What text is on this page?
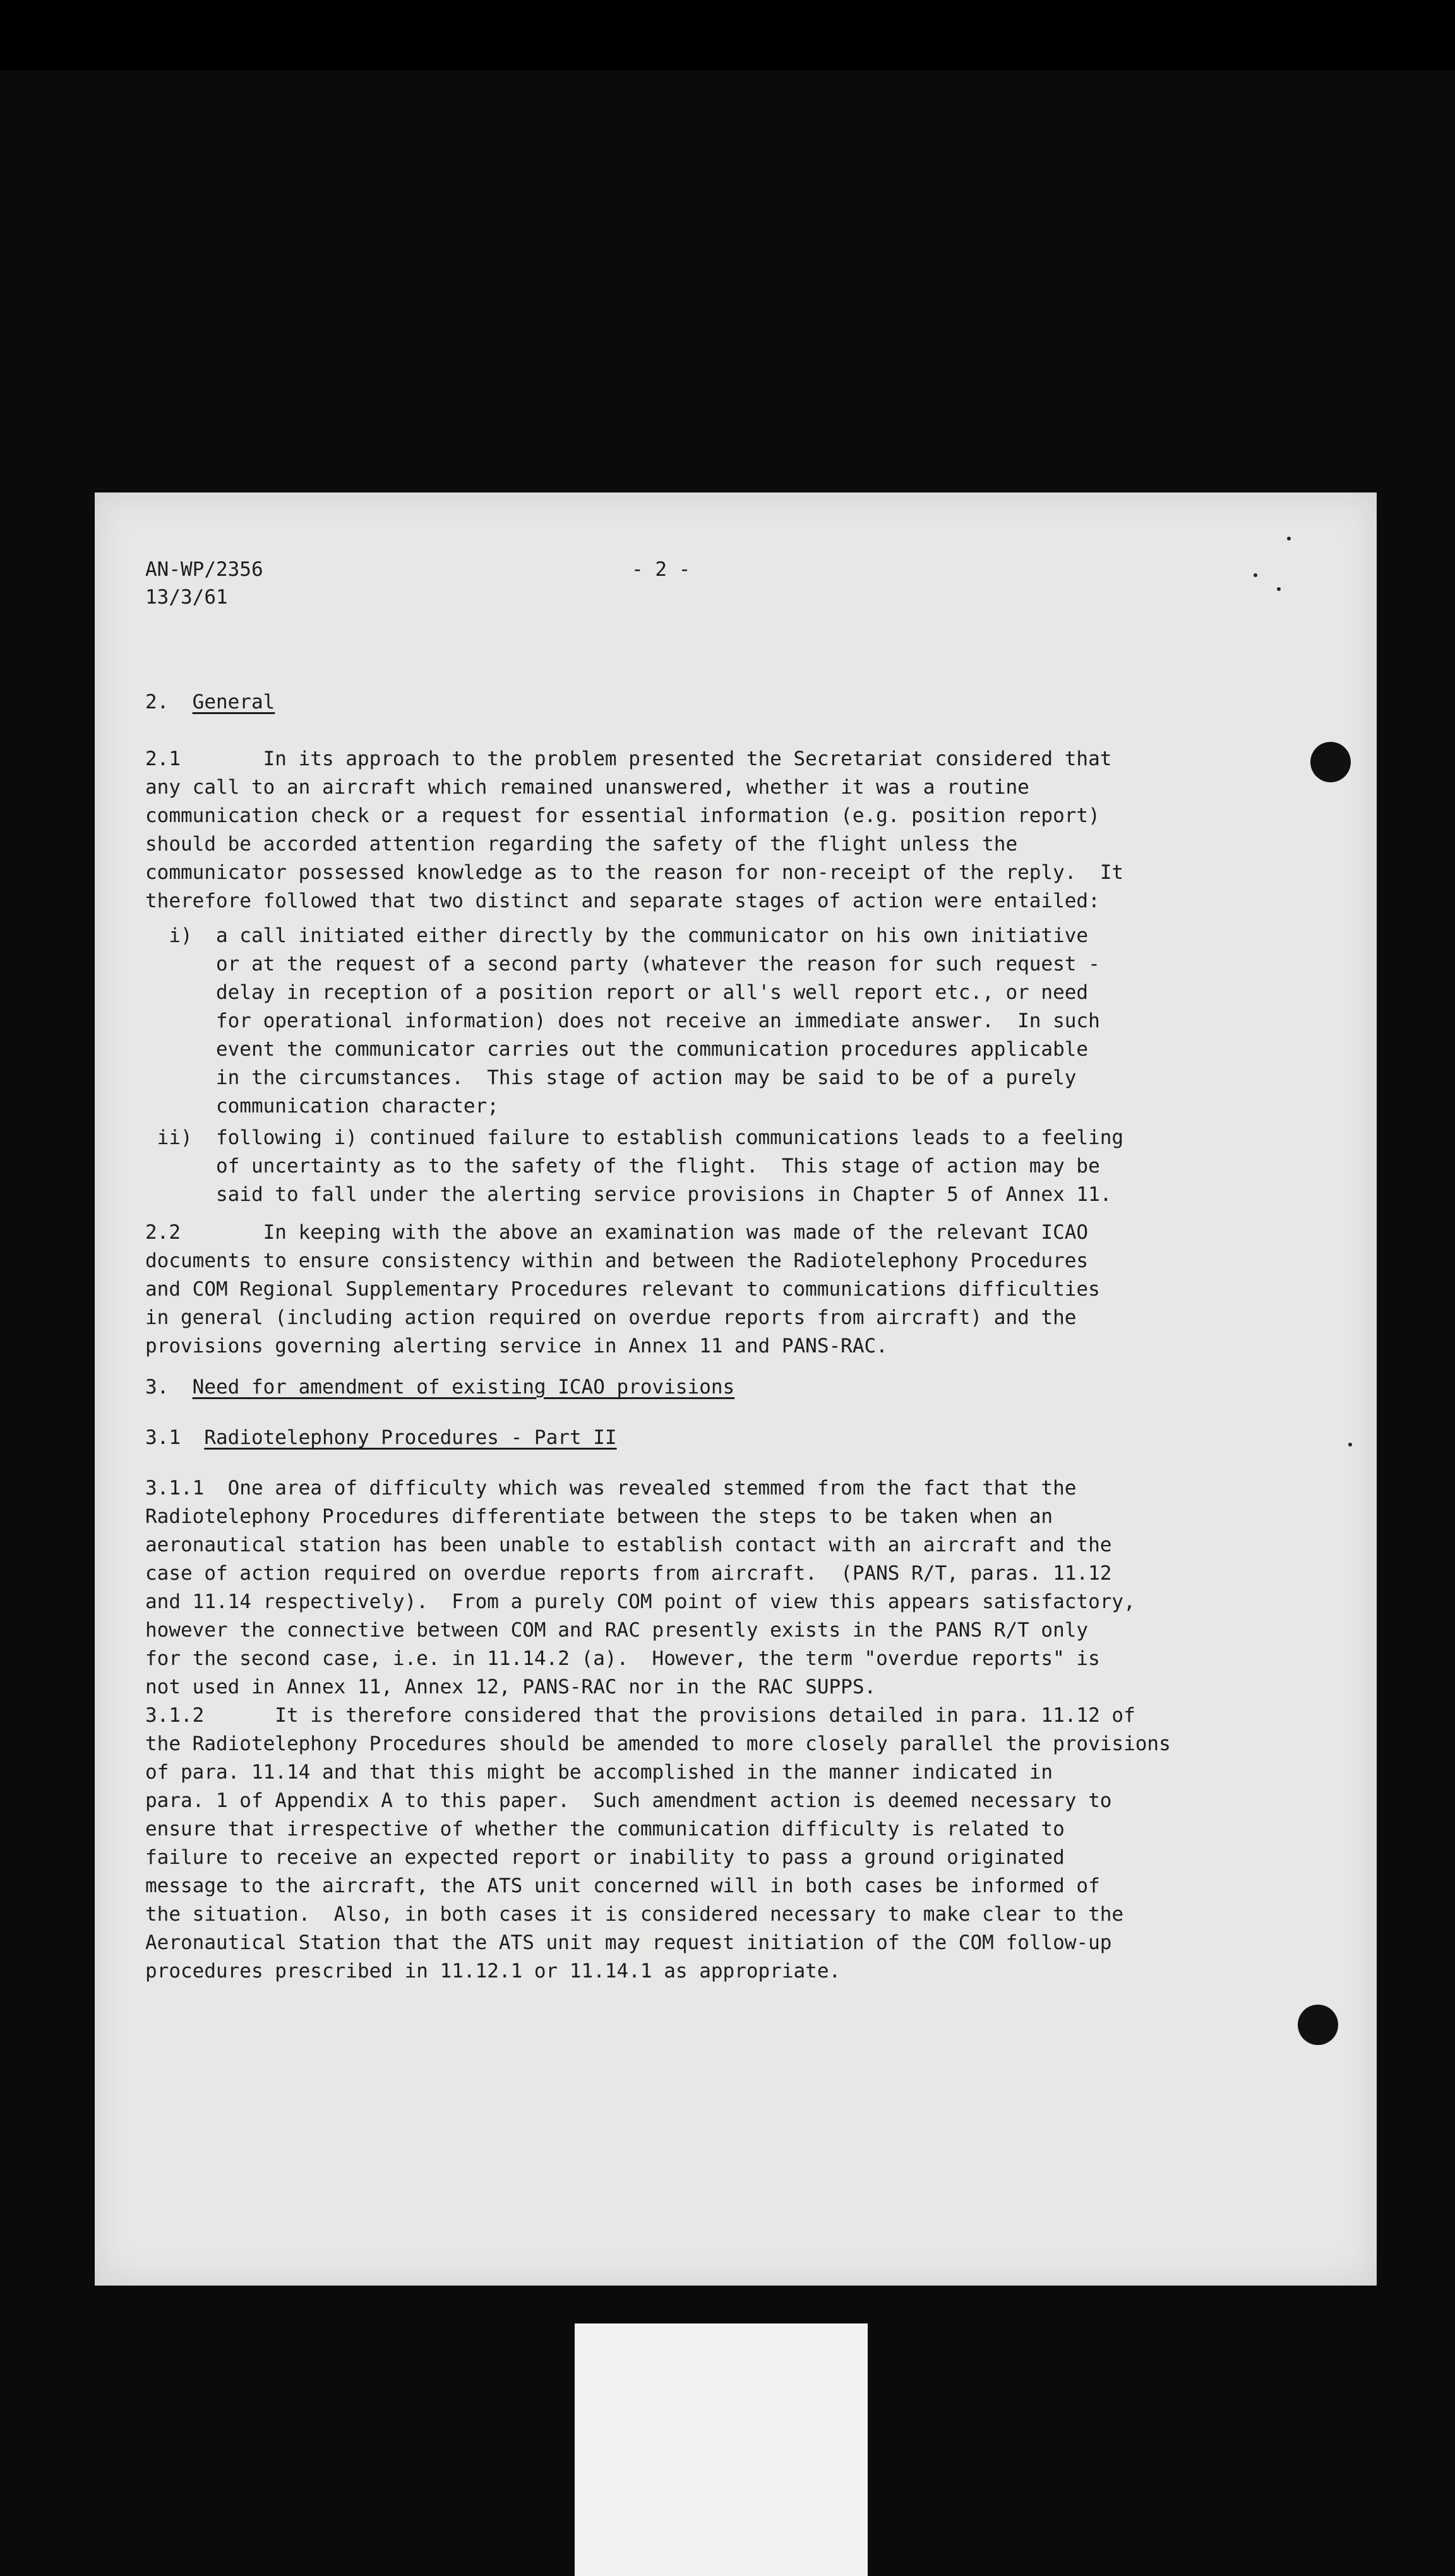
AN-WP/2356
13/3/61
- 2 -
2. General
2.1       In its approach to the problem presented the Secretariat considered that
any call to an aircraft which remained unanswered, whether it was a routine
communication check or a request for essential information (e.g. position report)
should be accorded attention regarding the safety of the flight unless the
communicator possessed knowledge as to the reason for non-receipt of the reply.  It
therefore followed that two distinct and separate stages of action were entailed:
i)  a call initiated either directly by the communicator on his own initiative
or at the request of a second party (whatever the reason for such request -
delay in reception of a position report or all's well report etc., or need
for operational information) does not receive an immediate answer.  In such
event the communicator carries out the communication procedures applicable
in the circumstances.  This stage of action may be said to be of a purely
communication character;
ii)  following i) continued failure to establish communications leads to a feeling
of uncertainty as to the safety of the flight.  This stage of action may be
said to fall under the alerting service provisions in Chapter 5 of Annex 11.
2.2       In keeping with the above an examination was made of the relevant ICAO
documents to ensure consistency within and between the Radiotelephony Procedures
and COM Regional Supplementary Procedures relevant to communications difficulties
in general (including action required on overdue reports from aircraft) and the
provisions governing alerting service in Annex 11 and PANS-RAC.
3. Need for amendment of existing ICAO provisions
3.1 Radiotelephony Procedures - Part II
3.1.1  One area of difficulty which was revealed stemmed from the fact that the
Radiotelephony Procedures differentiate between the steps to be taken when an
aeronautical station has been unable to establish contact with an aircraft and the
case of action required on overdue reports from aircraft.  (PANS R/T, paras. 11.12
and 11.14 respectively).  From a purely COM point of view this appears satisfactory,
however the connective between COM and RAC presently exists in the PANS R/T only
for the second case, i.e. in 11.14.2 (a).  However, the term "overdue reports" is
not used in Annex 11, Annex 12, PANS-RAC nor in the RAC SUPPS.
3.1.2      It is therefore considered that the provisions detailed in para. 11.12 of
the Radiotelephony Procedures should be amended to more closely parallel the provisions
of para. 11.14 and that this might be accomplished in the manner indicated in
para. 1 of Appendix A to this paper.  Such amendment action is deemed necessary to
ensure that irrespective of whether the communication difficulty is related to
failure to receive an expected report or inability to pass a ground originated
message to the aircraft, the ATS unit concerned will in both cases be informed of
the situation.  Also, in both cases it is considered necessary to make clear to the
Aeronautical Station that the ATS unit may request initiation of the COM follow-up
procedures prescribed in 11.12.1 or 11.14.1 as appropriate.
